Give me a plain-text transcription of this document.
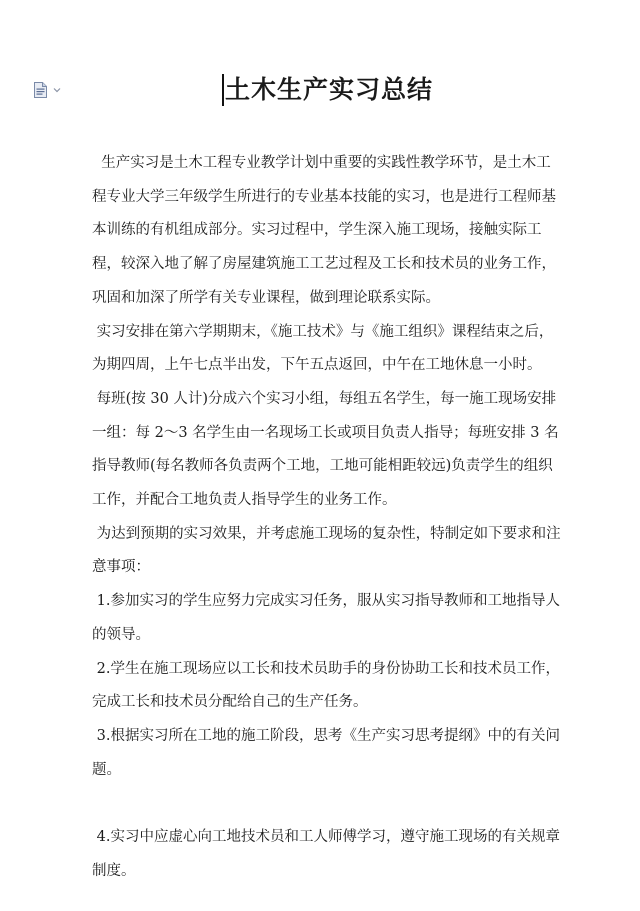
土木生产实习总结

生产实习是土木工程专业教学计划中重要的实践性教学环节，是土木工程专业大学三年级学生所进行的专业基本技能的实习，也是进行工程师基本训练的有机组成部分。实习过程中，学生深入施工现场，接触实际工程，较深入地了解了房屋建筑施工工艺过程及工长和技术员的业务工作，巩固和加深了所学有关专业课程，做到理论联系实际。

实习安排在第六学期期末，《施工技术》与《施工组织》课程结束之后，为期四周，上午七点半出发，下午五点返回，中午在工地休息一小时。

每班(按 30 人计)分成六个实习小组，每组五名学生，每一施工现场安排一组：每 2～3 名学生由一名现场工长或项目负责人指导；每班安排 3 名指导教师(每名教师各负责两个工地，工地可能相距较远)负责学生的组织工作，并配合工地负责人指导学生的业务工作。

为达到预期的实习效果，并考虑施工现场的复杂性，特制定如下要求和注意事项：

1.参加实习的学生应努力完成实习任务，服从实习指导教师和工地指导人的领导。

2.学生在施工现场应以工长和技术员助手的身份协助工长和技术员工作，完成工长和技术员分配给自己的生产任务。

3.根据实习所在工地的施工阶段，思考《生产实习思考提纲》中的有关问题。

4.实习中应虚心向工地技术员和工人师傅学习，遵守施工现场的有关规章制度。
